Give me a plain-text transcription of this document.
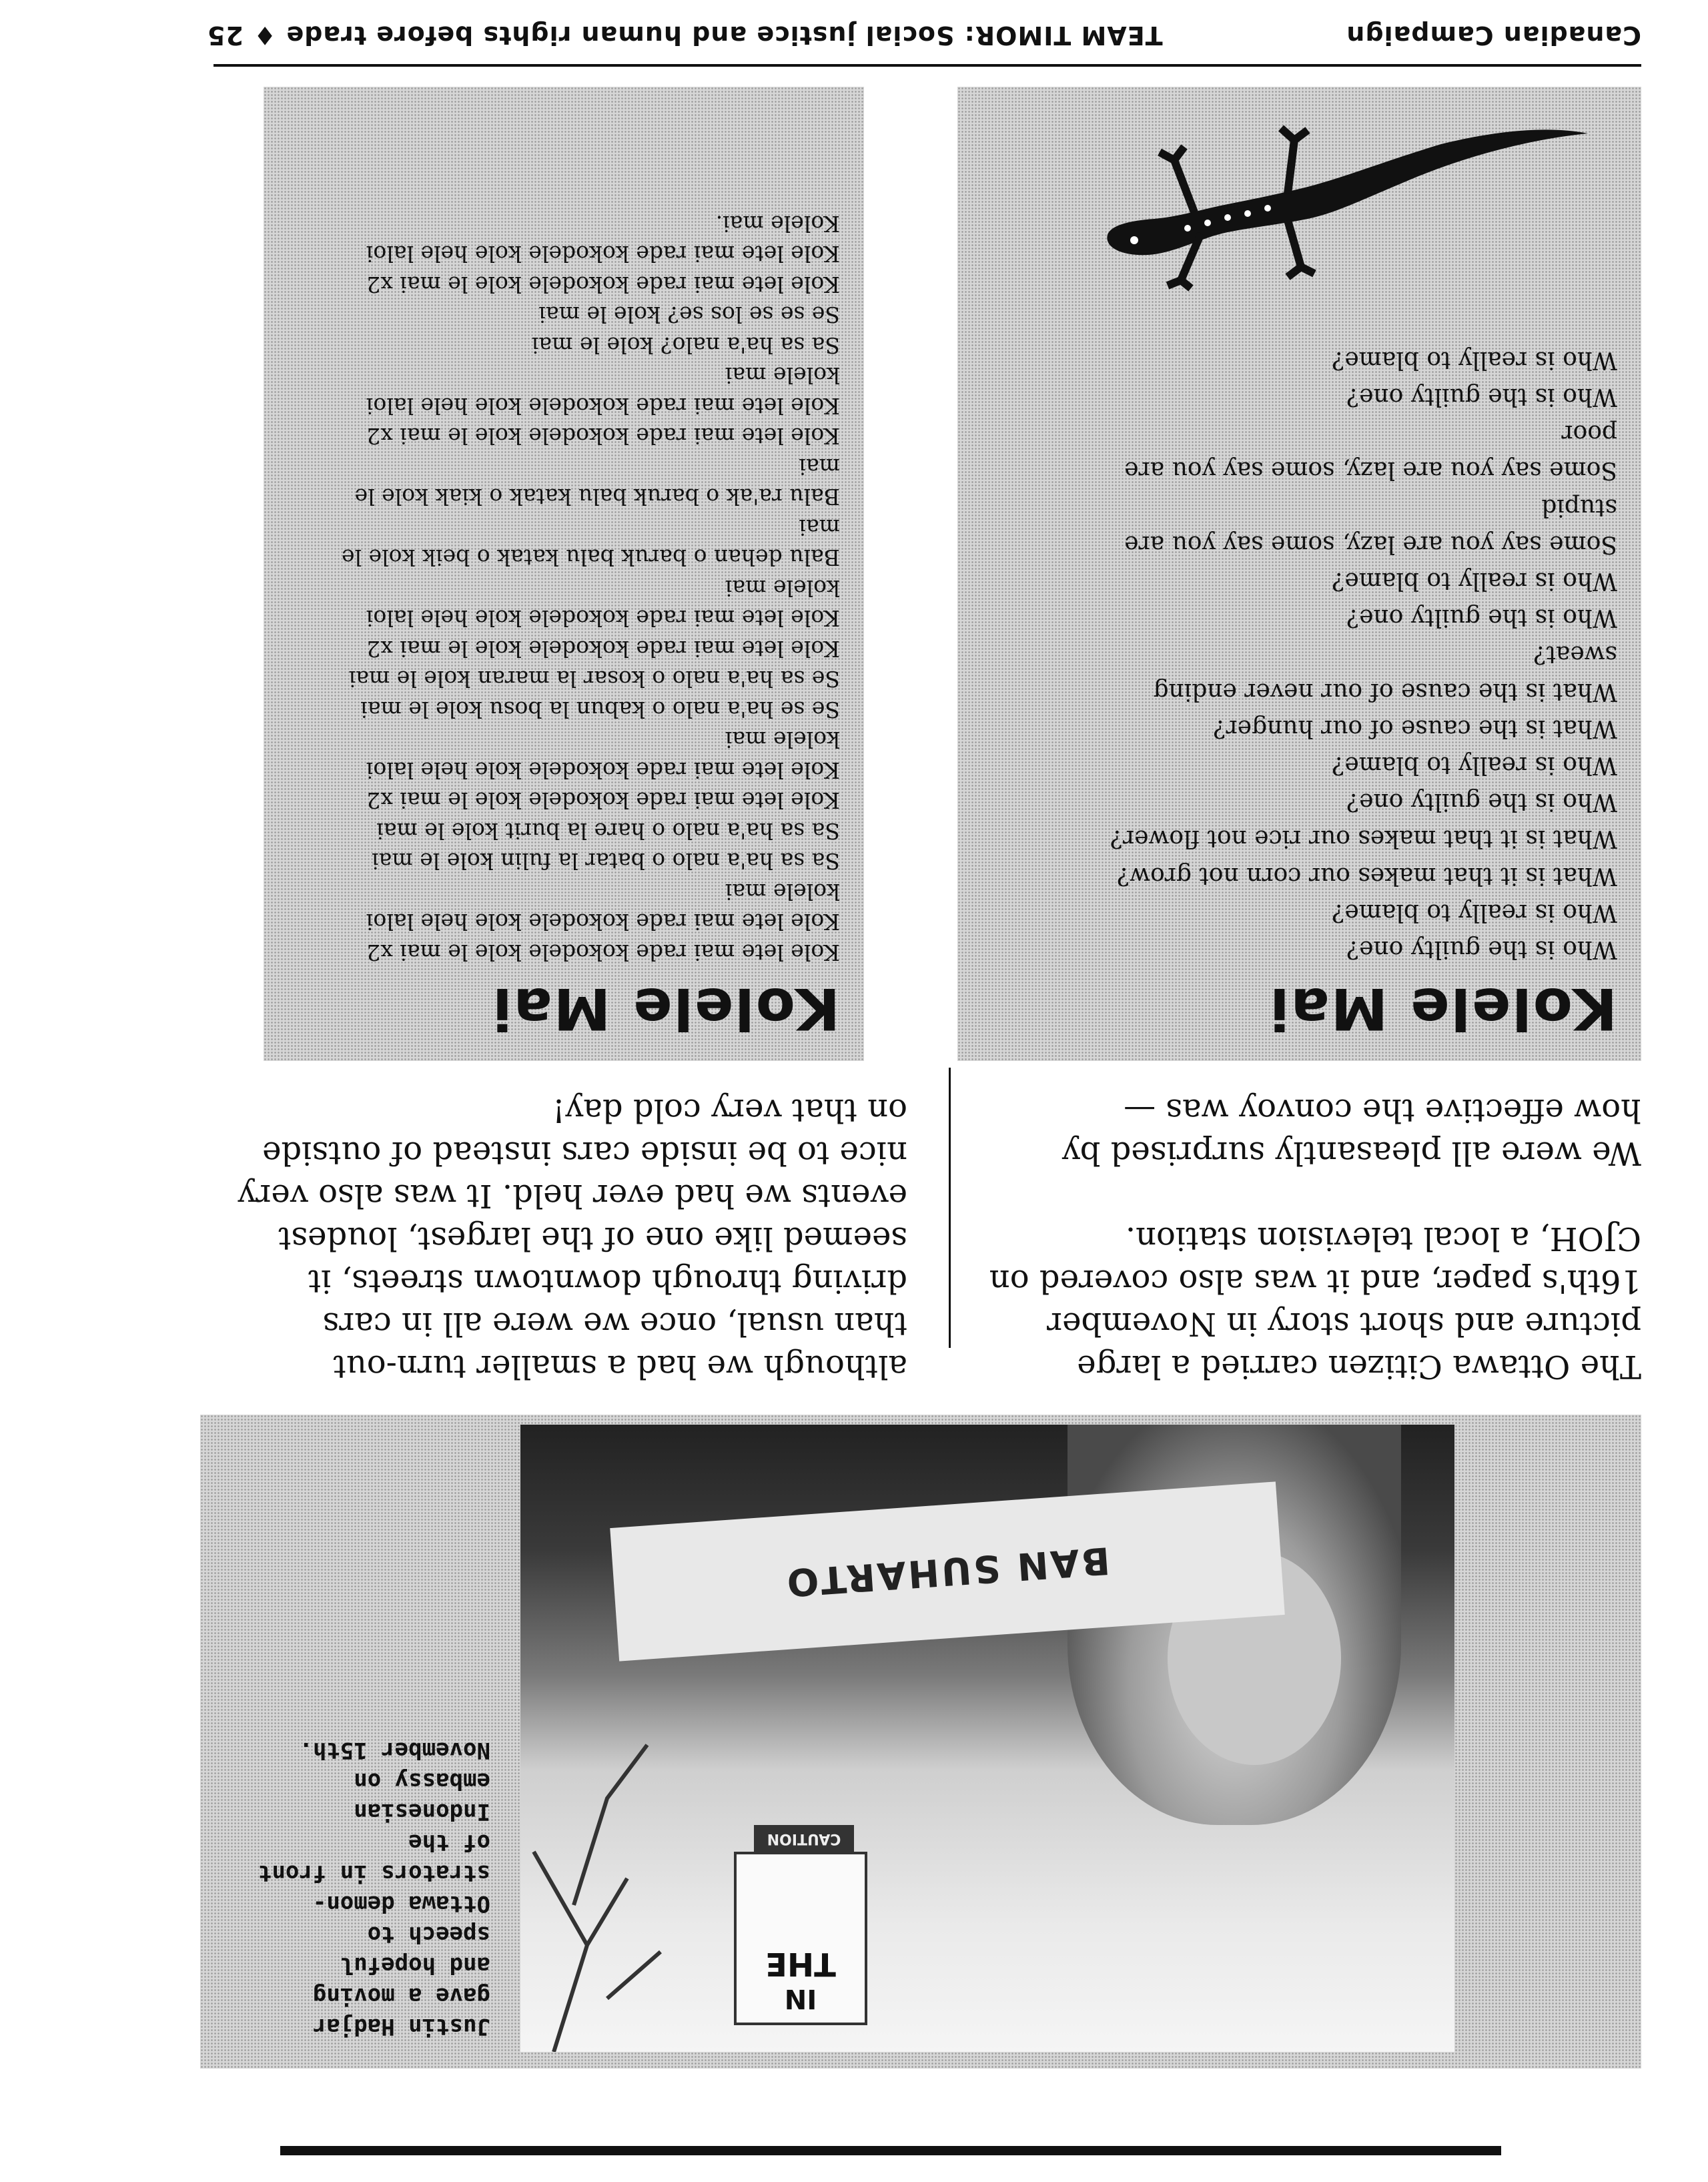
Canadian Campaign
TEAM TIMOR: Social justice and human rights before trade ♦ 25
Kolele Mai
Who is the guilty one?
Who is really to blame?
What is it that makes our corn not grow?
What is it that makes our rice not flower?
Who is the guilty one?
Who is really to blame?
What is the cause of our hunger?
What is the cause of our never ending
sweat?
Who is the guilty one?
Who is really to blame?
Some say you are lazy, some say you are
stupid
Some say you are lazy, some say you are
poor
Who is the guilty one?
Who is really to blame?
Kolele Mai
Kole lete mai rade kokodele kole le mai x2
Kole lete mai rade kokodele kole hele laloi
kolele mai
Sa sa ha'a nalo o batar la fulin kole le mai
Sa sa ha'a nalo o hare la burit kole le mai
Kole lete mai rade kokodele kole le mai x2
Kole lete mai rade kokodele kole hele laloi
kolele mai
Se se ha'a nalo o kabun la bosu kole le mai
Se sa ha'a nalo o kosar la maran kole le mai
Kole lete mai rade kokodele kole le mai x2
Kole lete mai rade kokodele kole hele laloi
kolele mai
Balu dehan o baruk balu katak o beik kole le
mai
Balu ra'ak o baruk balu katak o kiak kole le
mai
Kole lete mai rade kokodele kole le mai x2
Kole lete mai rade kokodele kole hele laloi
kolele mai
Sa sa ha'a nalo? kole le mai
Se se se los se? kole le mai
Kole lete mai rade kokodele kole le mai x2
Kole lete mai rade kokodele kole hele laloi
Kolele mai.

The Ottawa Citizen carried a large
picture and short story in November
16th's paper, and it was also covered on
CJOH, a local television station.

We were all pleasantly surprised by
how effective the convoy was —

although we had a smaller turn-out
than usual, once we were all in cars
driving through downtown streets, it
seemed like one of the largest, loudest
events we had ever held. It was also very
nice to be inside cars instead of outside
on that very cold day!

BAN SUHARTO
IN
THE
CAUTION
Justin Hadjar
gave a moving
and hopeful
speech to
Ottawa demon-
strators in front
of the
Indonesian
embassy on
November 15th.
